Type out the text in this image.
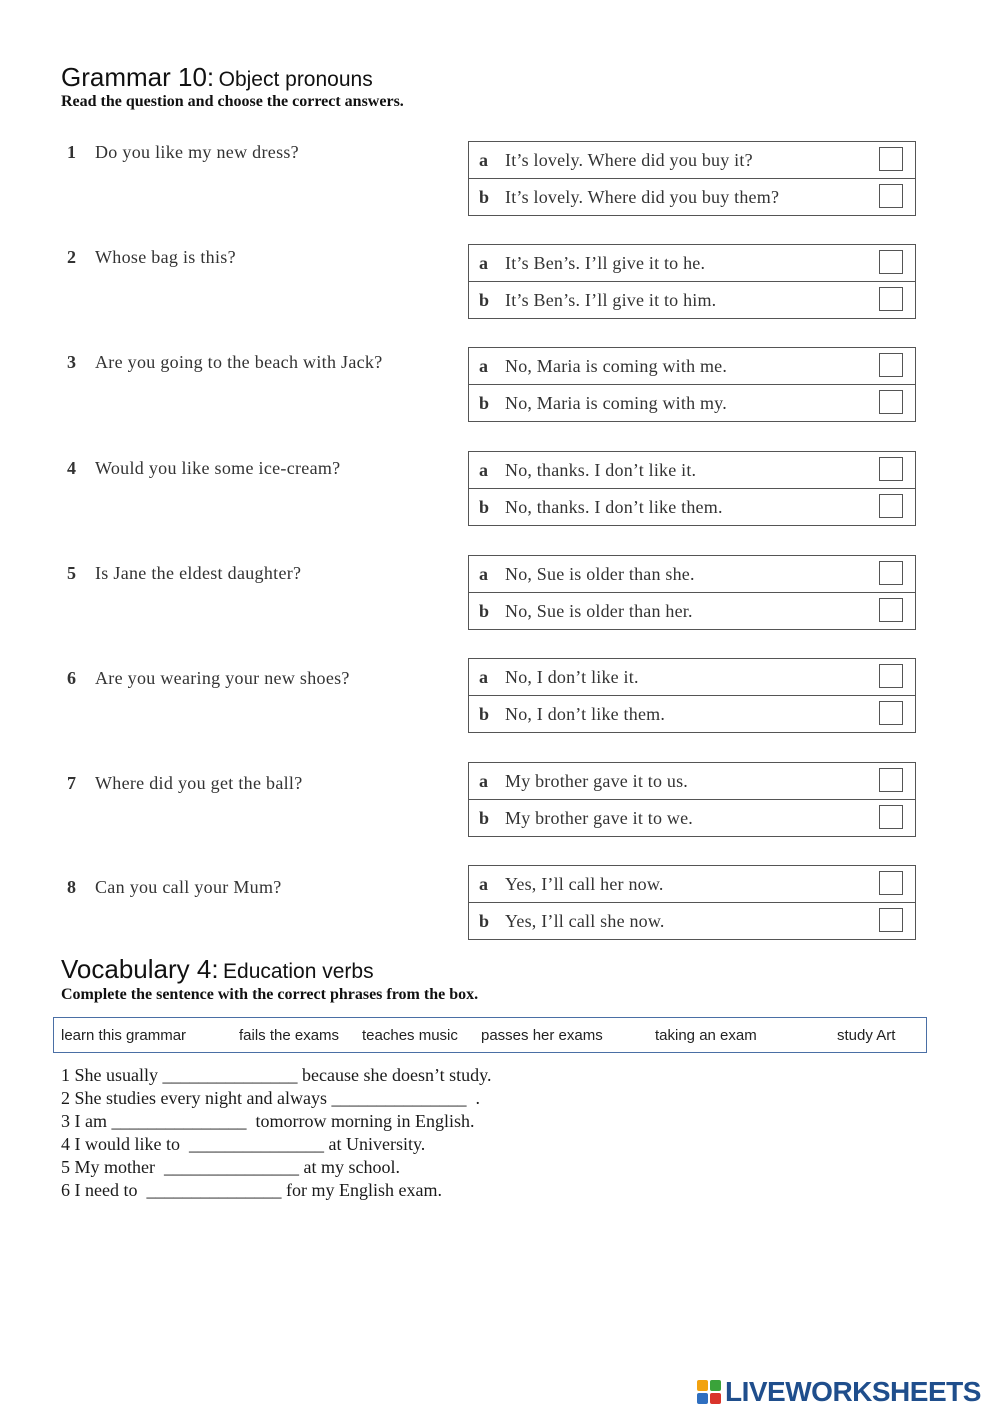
Grammar 10: Object pronouns
Read the question and choose the correct answers.
1 Do you like my new dress?	a It’s lovely. Where did you buy it?
b It’s lovely. Where did you buy them?
2 Whose bag is this?	a It’s Ben’s. I’ll give it to he.
b It’s Ben’s. I’ll give it to him.
3 Are you going to the beach with Jack?	a No, Maria is coming with me.
b No, Maria is coming with my.
4 Would you like some ice-cream?	a No, thanks. I don’t like it.
b No, thanks. I don’t like them.
5 Is Jane the eldest daughter?	a No, Sue is older than she.
b No, Sue is older than her.
6 Are you wearing your new shoes?	a No, I don’t like it.
b No, I don’t like them.
7 Where did you get the ball?	a My brother gave it to us.
b My brother gave it to we.
8 Can you call your Mum?	a Yes, I’ll call her now.
b Yes, I’ll call she now.
Vocabulary 4: Education verbs
Complete the sentence with the correct phrases from the box.
learn this grammar	fails the exams teaches music passes her exams	taking an exam	study Art
1 She usually _______________ because she doesn’t study.
2 She studies every night and always _______________  .
3 I am _______________  tomorrow morning in English.
4 I would like to  _______________ at University.
5 My mother  _______________ at my school.
6 I need to  _______________ for my English exam.
LIVEWORKSHEETS
